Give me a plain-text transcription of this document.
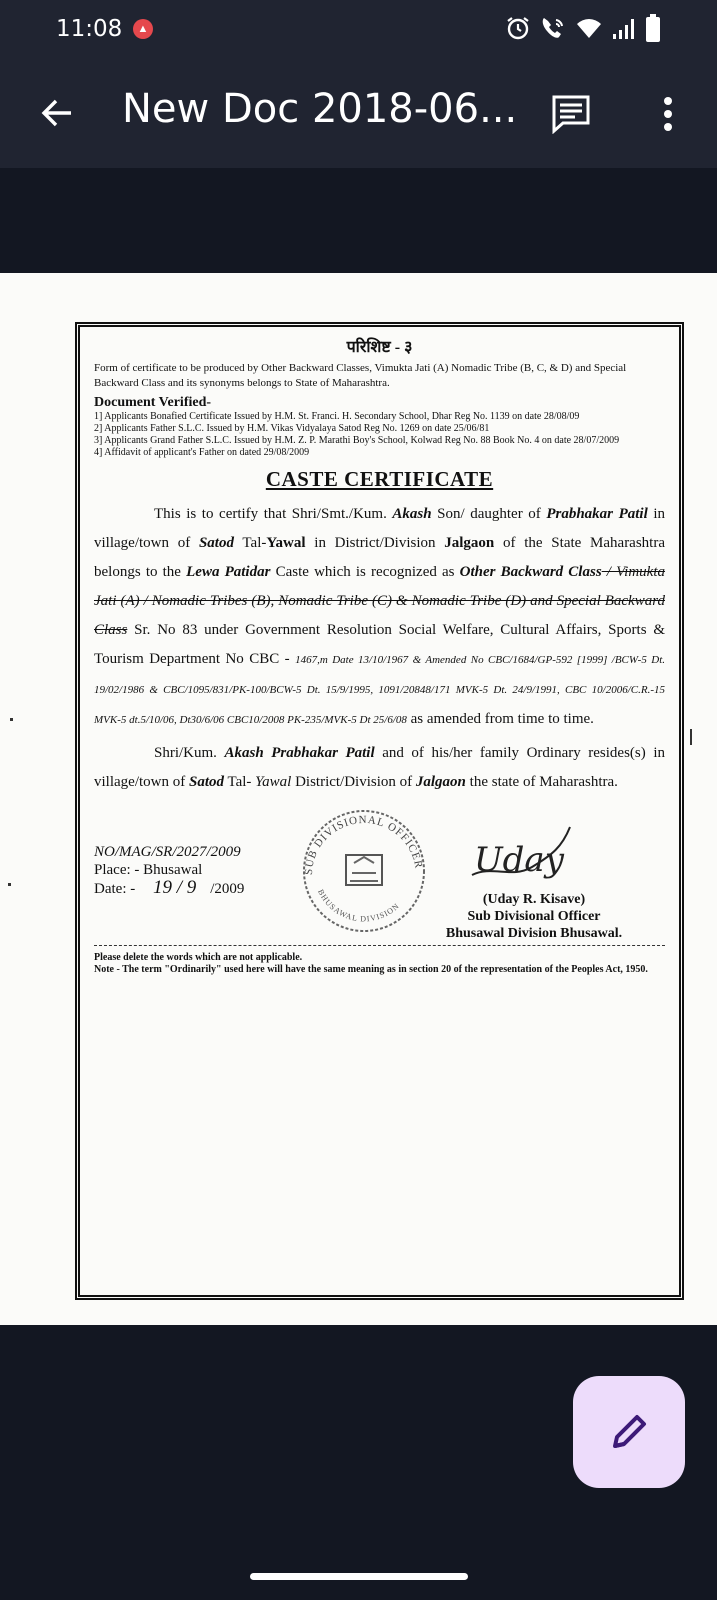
11:08	▲
New Doc 2018-06...
परिशिष्ट - ३
Form of certificate to be produced by Other Backward Classes, Vimukta Jati (A) Nomadic Tribe (B, C, & D) and Special Backward Class and its synonyms belongs to State of Maharashtra.
Document Verified-
1] Applicants Bonafied Certificate Issued by H.M. St. Franci. H. Secondary School, Dhar Reg No. 1139 on date 28/08/09
2] Applicants Father S.L.C. Issued by H.M. Vikas Vidyalaya Satod Reg No. 1269 on date 25/06/81
3] Applicants Grand Father S.L.C. Issued by H.M. Z. P. Marathi Boy's School, Kolwad Reg No. 88 Book No. 4 on date 28/07/2009
4] Affidavit of applicant's Father on dated 29/08/2009
CASTE CERTIFICATE
This is to certify that Shri/Smt./Kum. Akash Son/ daughter of Prabhakar Patil in village/town of Satod Tal-Yawal in District/Division Jalgaon of the State Maharashtra belongs to the Lewa Patidar Caste which is recognized as Other Backward Class / Vimukta Jati (A) / Nomadic Tribes (B), Nomadic Tribe (C) & Nomadic Tribe (D) and Special Backward Class Sr. No 83 under Government Resolution Social Welfare, Cultural Affairs, Sports & Tourism Department No CBC - 1467,m Date 13/10/1967 & Amended No CBC/1684/GP-592 [1999] /BCW-5 Dt. 19/02/1986 & CBC/1095/831/PK-100/BCW-5 Dt. 15/9/1995, 1091/20848/171 MVK-5 Dt. 24/9/1991, CBC 10/2006/C.R.-15 MVK-5 dt.5/10/06, Dt30/6/06 CBC10/2008 PK-235/MVK-5 Dt 25/6/08 as amended from time to time.
Shri/Kum. Akash Prabhakar Patil and of his/her family Ordinary resides(s) in village/town of Satod Tal- Yawal District/Division of Jalgaon the state of Maharashtra.
NO/MAG/SR/2027/2009
Place: - Bhusawal
Date: - 19 / 9 /2009
SUB DIVISIONAL OFFICER
BHUSAWAL DIVISION
Uday
(Uday R. Kisave)
Sub Divisional Officer
Bhusawal Division Bhusawal.
Please delete the words which are not applicable.
Note - The term "Ordinarily" used here will have the same meaning as in section 20 of the representation of the Peoples Act, 1950.
